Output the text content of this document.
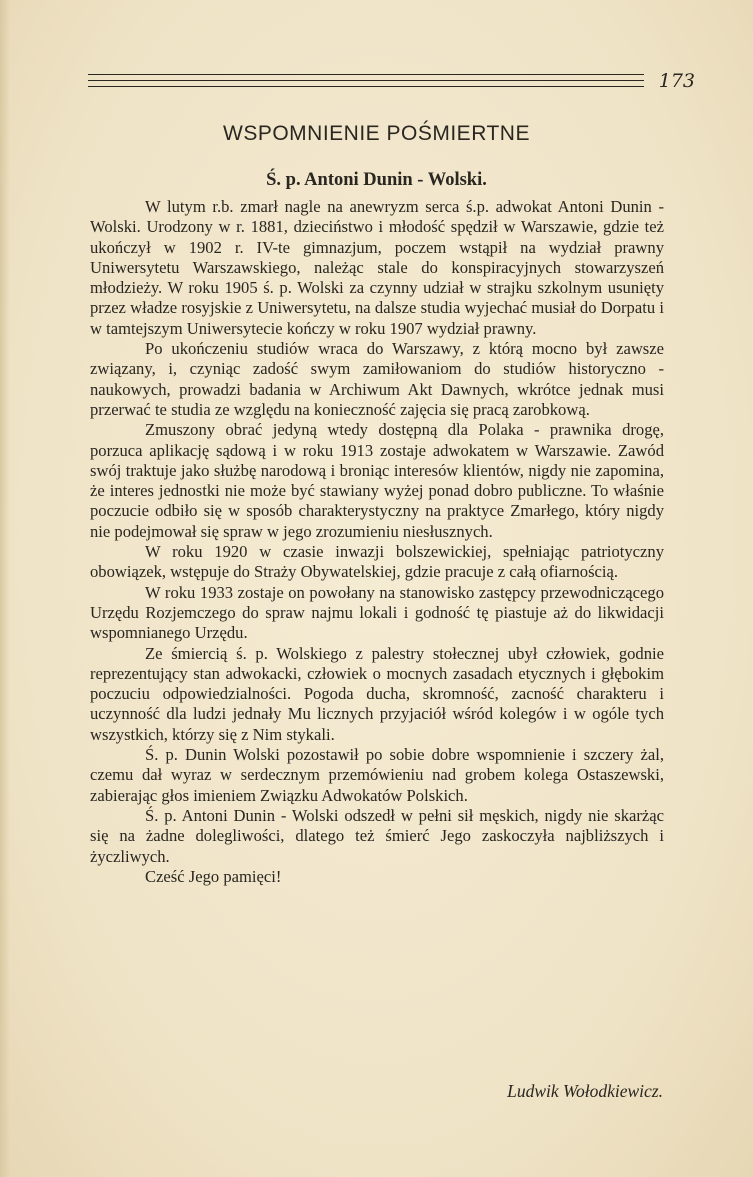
173
WSPOMNIENIE POŚMIERTNE
Ś. p. Antoni Dunin - Wolski.

W lutym r.b. zmarł nagle na anewryzm serca ś.p. adwokat Antoni Dunin - Wolski. Urodzony w r. 1881, dzieciństwo i młodość spędził w Warszawie, gdzie też ukończył w 1902 r. IV-te gimnazjum, poczem wstąpił na wydział prawny Uniwersytetu Warszawskiego, należąc stale do konspiracyjnych stowarzyszeń młodzieży. W roku 1905 ś. p. Wolski za czynny udział w strajku szkolnym usunięty przez władze rosyjskie z Uniwersytetu, na dalsze studia wyjechać musiał do Dorpatu i w tamtejszym Uniwersytecie kończy w roku 1907 wydział prawny.

Po ukończeniu studiów wraca do Warszawy, z którą mocno był zawsze związany, i, czyniąc zadość swym zamiłowaniom do studiów historyczno - naukowych, prowadzi badania w Archiwum Akt Dawnych, wkrótce jednak musi przerwać te studia ze względu na konieczność zajęcia się pracą zarobkową.

Zmuszony obrać jedyną wtedy dostępną dla Polaka - prawnika drogę, porzuca aplikację sądową i w roku 1913 zostaje adwokatem w Warszawie. Zawód swój traktuje jako służbę narodową i broniąc interesów klientów, nigdy nie zapomina, że interes jednostki nie może być stawiany wyżej ponad dobro publiczne. To właśnie poczucie odbiło się w sposób charakterystyczny na praktyce Zmarłego, który nigdy nie podejmował się spraw w jego zrozumieniu niesłusznych.

W roku 1920 w czasie inwazji bolszewickiej, spełniając patriotyczny obowiązek, wstępuje do Straży Obywatelskiej, gdzie pracuje z całą ofiarnością.

W roku 1933 zostaje on powołany na stanowisko zastępcy przewodniczącego Urzędu Rozjemczego do spraw najmu lokali i godność tę piastuje aż do likwidacji wspomnianego Urzędu.

Ze śmiercią ś. p. Wolskiego z palestry stołecznej ubył człowiek, godnie reprezentujący stan adwokacki, człowiek o mocnych zasadach etycznych i głębokim poczuciu odpowiedzialności. Pogoda ducha, skromność, zacność charakteru i uczynność dla ludzi jednały Mu licznych przyjaciół wśród kolegów i w ogóle tych wszystkich, którzy się z Nim stykali.

Ś. p. Dunin Wolski pozostawił po sobie dobre wspomnienie i szczery żal, czemu dał wyraz w serdecznym przemówieniu nad grobem kolega Ostaszewski, zabierając głos imieniem Związku Adwokatów Polskich.

Ś. p. Antoni Dunin - Wolski odszedł w pełni sił męskich, nigdy nie skarżąc się na żadne dolegliwości, dlatego też śmierć Jego zaskoczyła najbliższych i życzliwych.

Cześć Jego pamięci!

Ludwik Wołodkiewicz.
